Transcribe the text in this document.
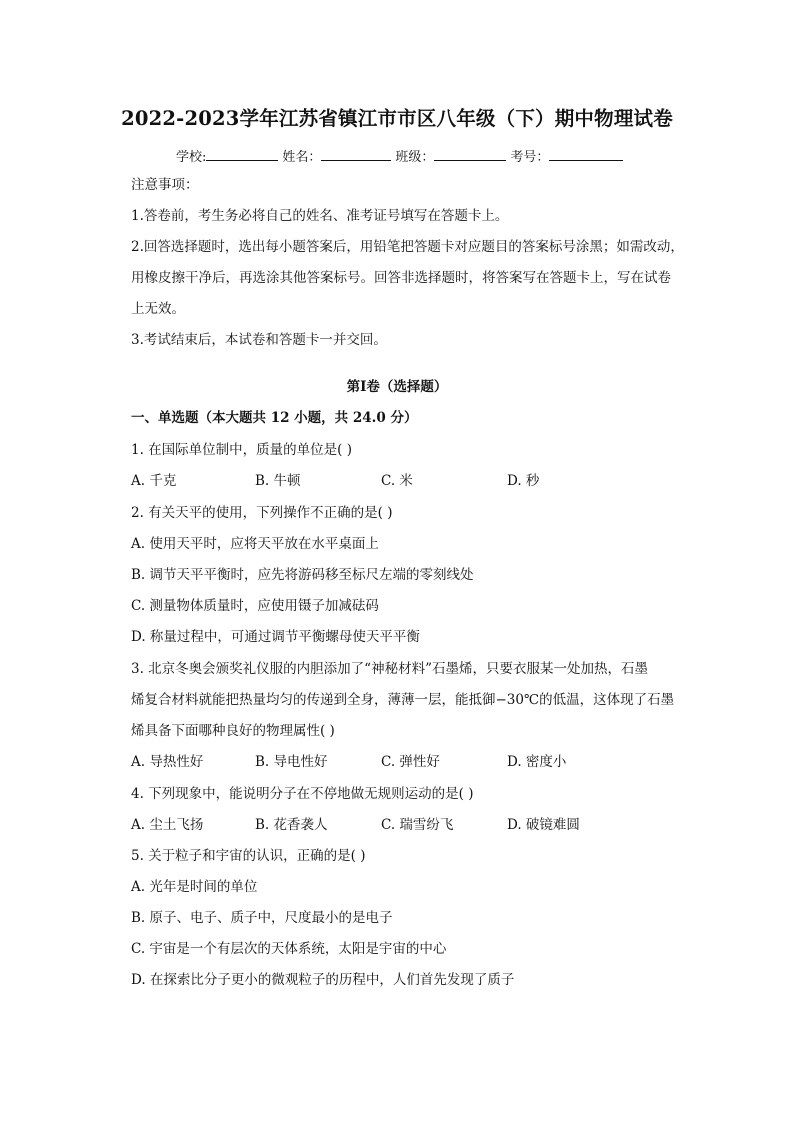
2022-2023学年江苏省镇江市市区八年级（下）期中物理试卷
学校:	姓名：	班级：	考号：
注意事项：
1.答卷前，考生务必将自己的姓名、准考证号填写在答题卡上。
2.回答选择题时，选出每小题答案后，用铅笔把答题卡对应题目的答案标号涂黑；如需改动，
用橡皮擦干净后，再选涂其他答案标号。回答非选择题时，将答案写在答题卡上，写在试卷
上无效。
3.考试结束后，本试卷和答题卡一并交回。
第I卷（选择题）
一、单选题（本大题共 12 小题，共 24.0 分）
1. 在国际单位制中，质量的单位是( )
A. 千克	B. 牛顿	C. 米	D. 秒
2. 有关天平的使用，下列操作不正确的是( )
A. 使用天平时，应将天平放在水平桌面上
B. 调节天平平衡时，应先将游码移至标尺左端的零刻线处
C. 测量物体质量时，应使用镊子加减砝码
D. 称量过程中，可通过调节平衡螺母使天平平衡
3. 北京冬奥会颁奖礼仪服的内胆添加了“神秘材料”石墨烯，只要衣服某一处加热，石墨
烯复合材料就能把热量均匀的传递到全身，薄薄一层，能抵御−30℃的低温，这体现了石墨
烯具备下面哪种良好的物理属性( )
A. 导热性好	B. 导电性好	C. 弹性好	D. 密度小
4. 下列现象中，能说明分子在不停地做无规则运动的是( )
A. 尘土飞扬	B. 花香袭人	C. 瑞雪纷飞	D. 破镜难圆
5. 关于粒子和宇宙的认识，正确的是( )
A. 光年是时间的单位
B. 原子、电子、质子中，尺度最小的是电子
C. 宇宙是一个有层次的天体系统，太阳是宇宙的中心
D. 在探索比分子更小的微观粒子的历程中，人们首先发现了质子
